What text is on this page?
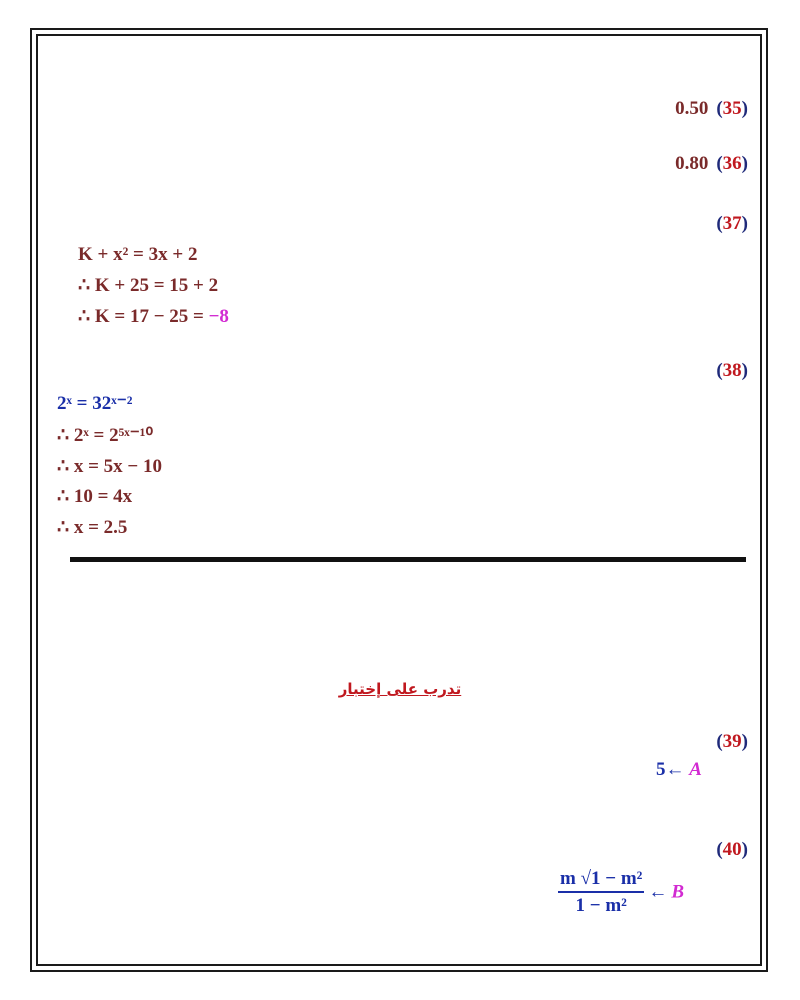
0.50 (35)
0.80 (36)
(37)
K + x² = 3x + 2
∴ K + 25 = 15 + 2
∴ K = 17 − 25 = −8
(38)
2ˣ = 32ˣ⁻²
∴ 2ˣ = 2⁵ˣ⁻¹⁰
∴ x = 5x − 10
∴ 10 = 4x
∴ x = 2.5
تدرب على إختبار
(39)
5← A
(40)
$\frac{\text{m √1 − m²}}{\text{1 − m²}}$ ← B
